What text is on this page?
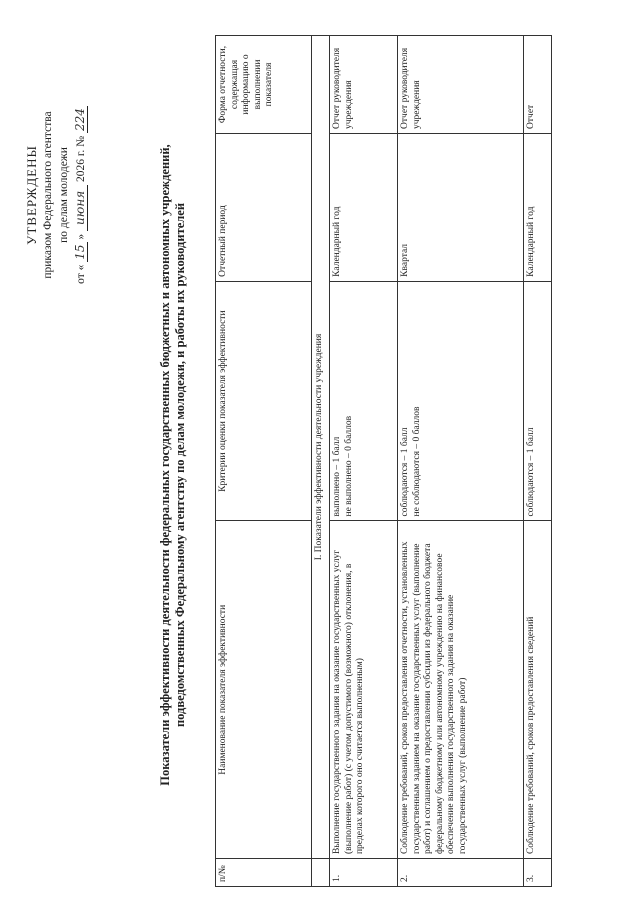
УТВЕРЖДЕНЫ приказом Федерального агентства по делам молодежи
от « 15 » июня 2026 г. № 224
Показатели эффективности деятельности федеральных государственных бюджетных и автономных учреждений, подведомственных Федеральному агентству по делам молодежи, и работы их руководителей
п/№	Наименование показателя эффективности	Критерии оценки показателя эффективности	Отчетный период	Форма отчетности, содержащая информацию о выполнении показателя
	I. Показатели эффективности деятельности учреждения			
1.	Выполнение государственного задания на оказание государственных услуг (выполнение работ) (с учетом допустимого (возможного) отклонения, в пределах которого оно считается выполненным)	выполнено – 1 балл не выполнено – 0 баллов	Календарный год	Отчет руководителя учреждения
2.	Соблюдение требований, сроков предоставления отчетности, установленных государственным заданием на оказание государственных услуг (выполнение работ) и соглашением о предоставлении субсидии из федерального бюджета федеральному бюджетному или автономному учреждению на финансовое обеспечение выполнения государственного задания на оказание государственных услуг (выполнение работ)	соблюдаются – 1 балл не соблюдаются – 0 баллов	Квартал	Отчет руководителя учреждения
3.	Соблюдение требований, сроков предоставления сведений	соблюдаются – 1 балл	Календарный год	Отчет
